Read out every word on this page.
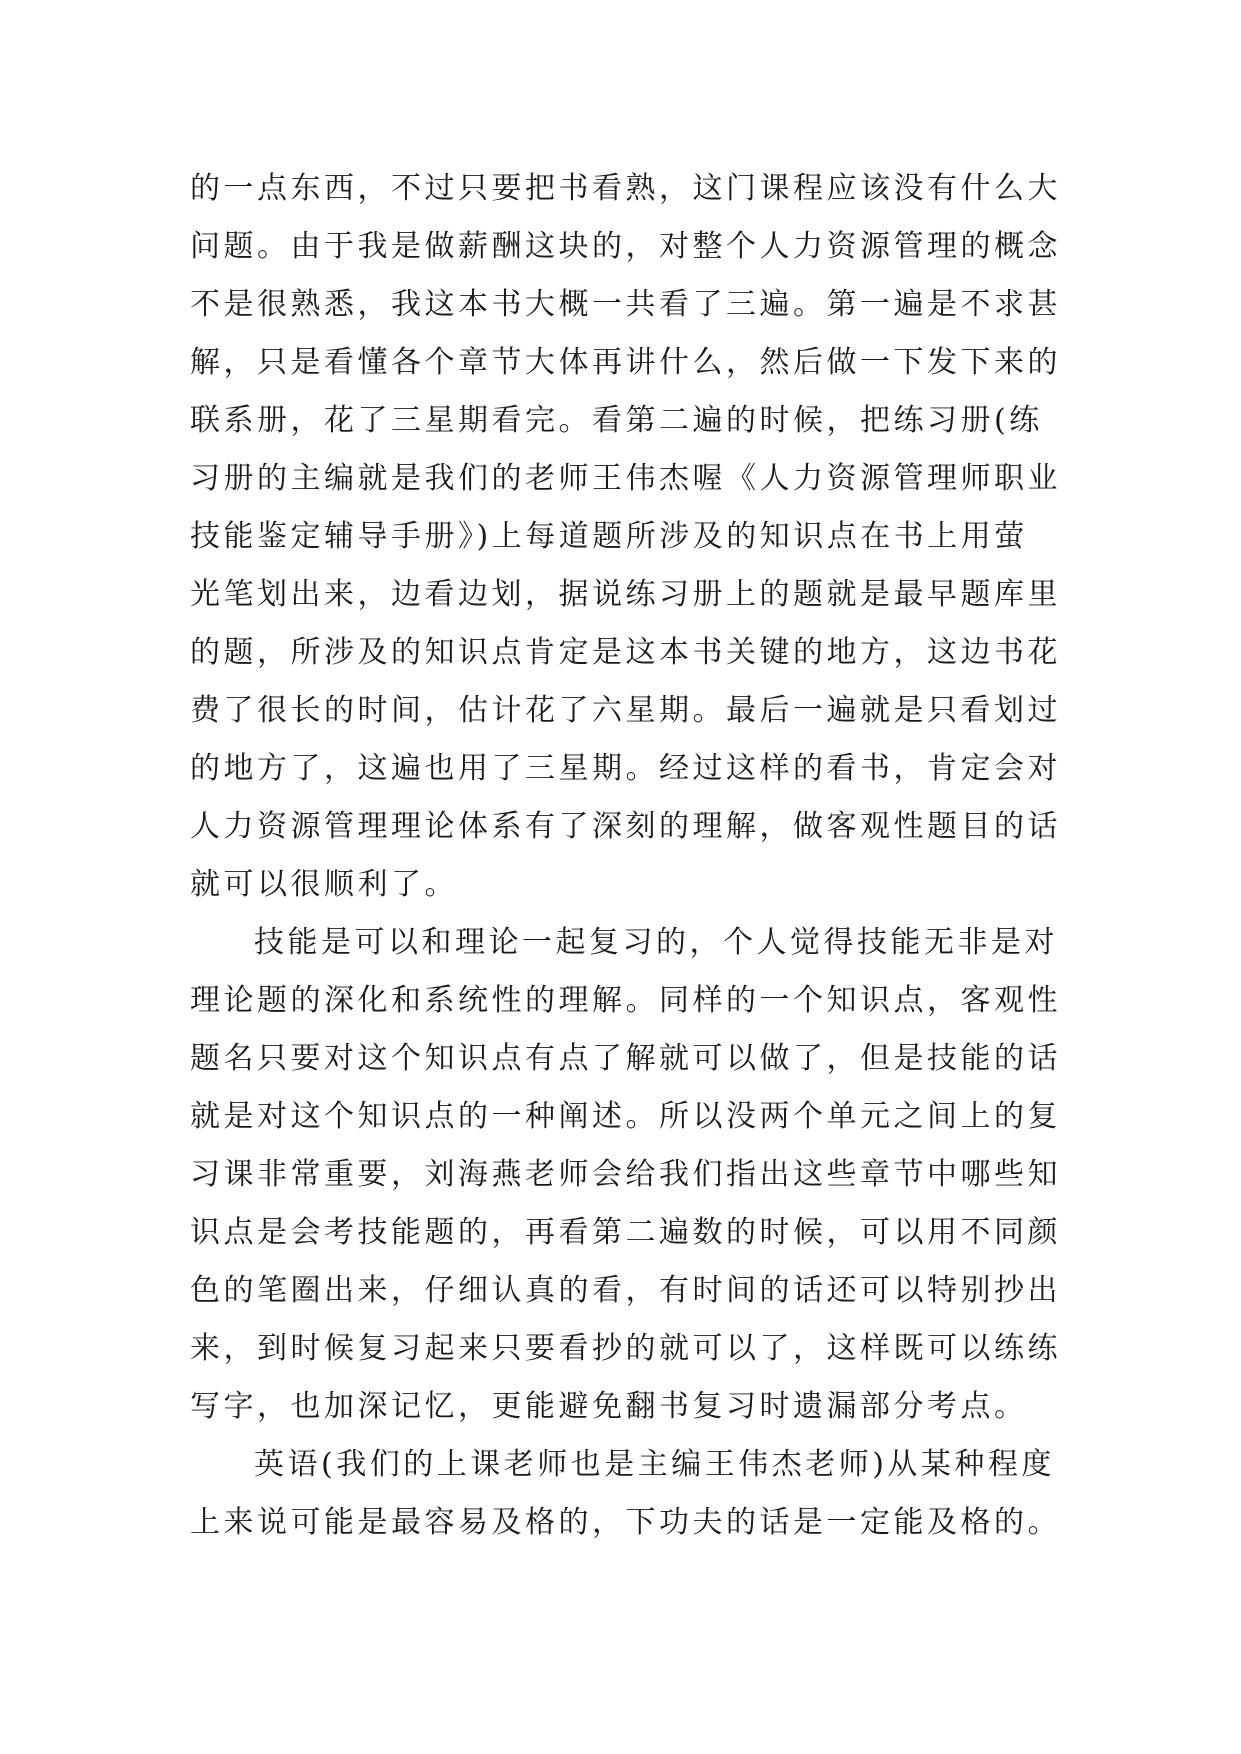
的一点东西，不过只要把书看熟，这门课程应该没有什么大
问题。由于我是做薪酬这块的，对整个人力资源管理的概念
不是很熟悉，我这本书大概一共看了三遍。第一遍是不求甚
解，只是看懂各个章节大体再讲什么，然后做一下发下来的
联系册，花了三星期看完。看第二遍的时候，把练习册(练
习册的主编就是我们的老师王伟杰喔《人力资源管理师职业
技能鉴定辅导手册》)上每道题所涉及的知识点在书上用萤
光笔划出来，边看边划，据说练习册上的题就是最早题库里
的题，所涉及的知识点肯定是这本书关键的地方，这边书花
费了很长的时间，估计花了六星期。最后一遍就是只看划过
的地方了，这遍也用了三星期。经过这样的看书，肯定会对
人力资源管理理论体系有了深刻的理解，做客观性题目的话
就可以很顺利了。
技能是可以和理论一起复习的，个人觉得技能无非是对
理论题的深化和系统性的理解。同样的一个知识点，客观性
题名只要对这个知识点有点了解就可以做了，但是技能的话
就是对这个知识点的一种阐述。所以没两个单元之间上的复
习课非常重要，刘海燕老师会给我们指出这些章节中哪些知
识点是会考技能题的，再看第二遍数的时候，可以用不同颜
色的笔圈出来，仔细认真的看，有时间的话还可以特别抄出
来，到时候复习起来只要看抄的就可以了，这样既可以练练
写字，也加深记忆，更能避免翻书复习时遗漏部分考点。
英语(我们的上课老师也是主编王伟杰老师)从某种程度
上来说可能是最容易及格的，下功夫的话是一定能及格的。
